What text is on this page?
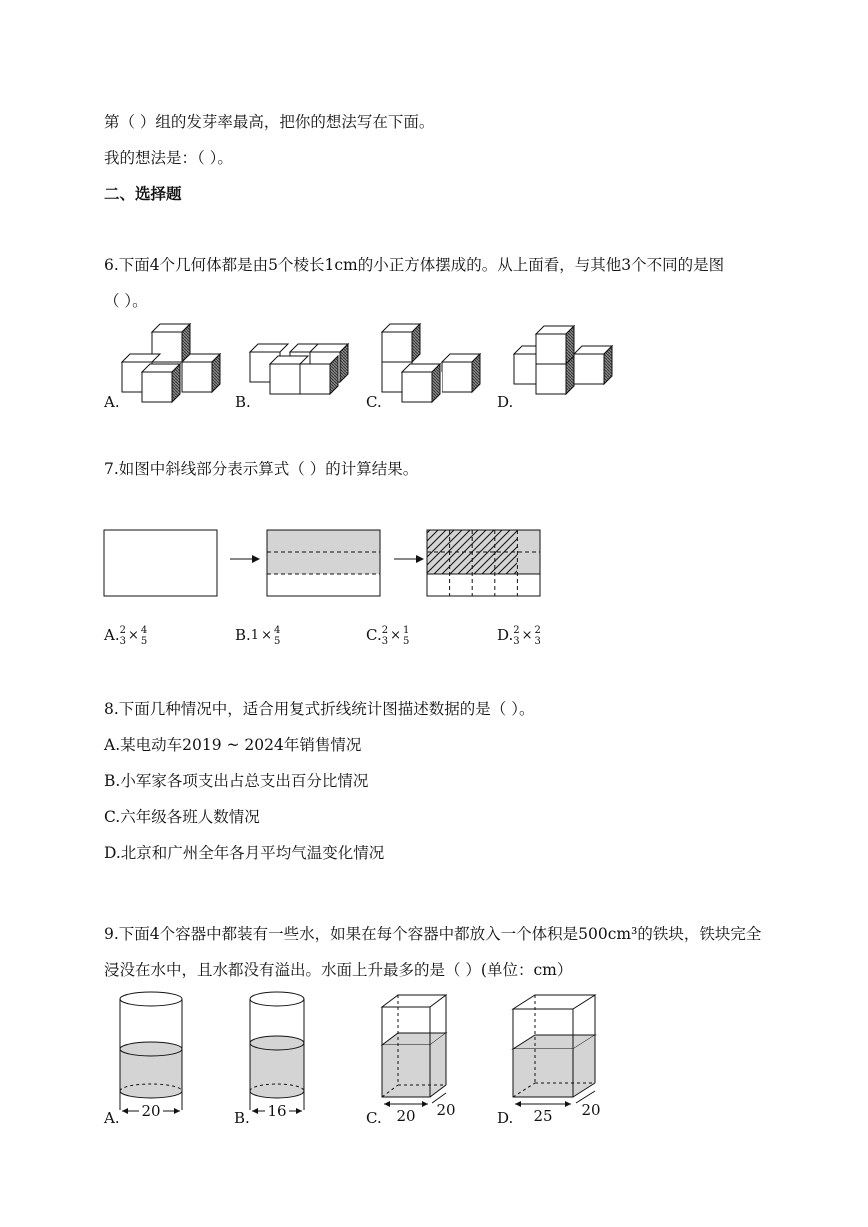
第（ ）组的发芽率最高，把你的想法写在下面。
我的想法是：（ ）。
二、选择题
6.下面4个几何体都是由5个棱长1cm的小正方体摆成的。从上面看，与其他3个不同的是图
（ ）。
A.	B.	C.	D.
7.如图中斜线部分表示算式（ ）的计算结果。
A. 2
3 × 4
5	B.1 × 4
5	C. 2
3 × 1
5	D. 2
3 × 2
3
8.下面几种情况中，适合用复式折线统计图描述数据的是（ ）。
A.某电动车2019 ~ 2024年销售情况
B.小军家各项支出占总支出百分比情况
C.六年级各班人数情况
D.北京和广州全年各月平均气温变化情况
9.下面4个容器中都装有一些水，如果在每个容器中都放入一个体积是500cm³的铁块，铁块完全
浸没在水中，且水都没有溢出。水面上升最多的是（ ）(单位：cm）
20	16	20 20	25 20
A.	B.	C.	D.
